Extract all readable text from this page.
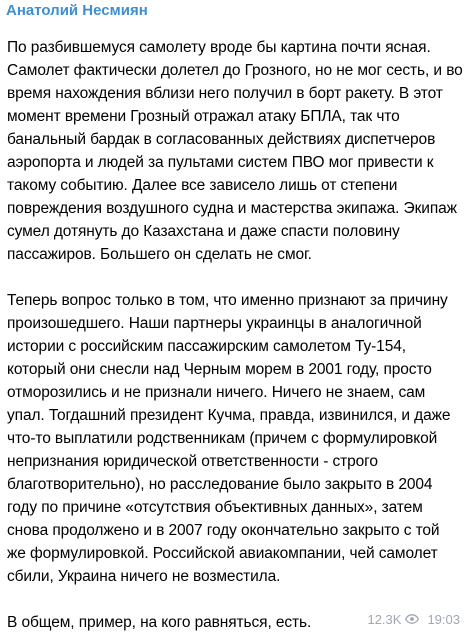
Анатолий Несмиян
По разбившемуся самолету вроде бы картина почти ясная.
Самолет фактически долетел до Грозного, но не мог сесть, и во
время нахождения вблизи него получил в борт ракету. В этот
момент времени Грозный отражал атаку БПЛА, так что
банальный бардак в согласованных действиях диспетчеров
аэропорта и людей за пультами систем ПВО мог привести к
такому событию. Далее все зависело лишь от степени
повреждения воздушного судна и мастерства экипажа. Экипаж
сумел дотянуть до Казахстана и даже спасти половину
пассажиров. Большего он сделать не смог.
Теперь вопрос только в том, что именно признают за причину
произошедшего. Наши партнеры украинцы в аналогичной
истории с российским пассажирским самолетом Ту-154,
который они снесли над Черным морем в 2001 году, просто
отморозились и не признали ничего. Ничего не знаем, сам
упал. Тогдашний президент Кучма, правда, извинился, и даже
что-то выплатили родственникам (причем с формулировкой
непризнания юридической ответственности - строго
благотворительно), но расследование было закрыто в 2004
году по причине «отсутствия объективных данных», затем
снова продолжено и в 2007 году окончательно закрыто с той
же формулировкой. Российской авиакомпании, чей самолет
сбили, Украина ничего не возместила.
В общем, пример, на кого равняться, есть.	12.3K 19:03
